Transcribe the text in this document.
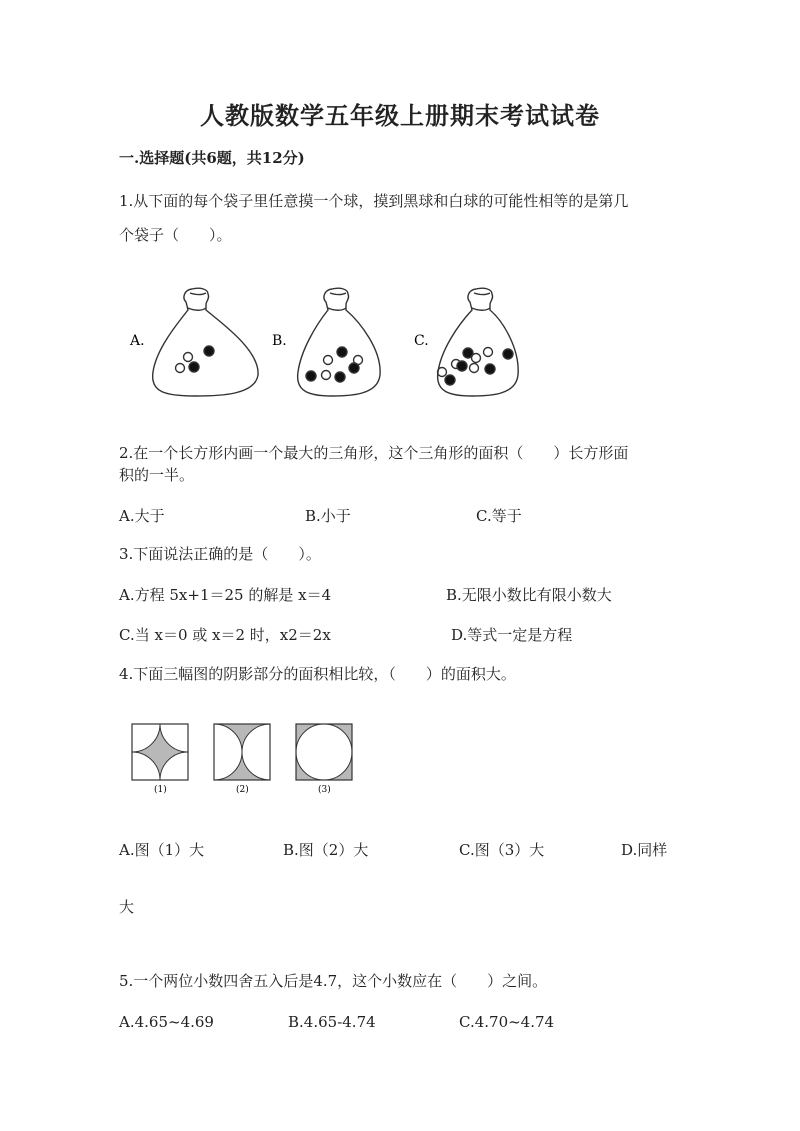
人教版数学五年级上册期末考试试卷
一.选择题(共6题，共12分)
1.从下面的每个袋子里任意摸一个球，摸到黑球和白球的可能性相等的是第几
个袋子（　　）。
A.	B.	C.
2.在一个长方形内画一个最大的三角形，这个三角形的面积（　　）长方形面
积的一半。
A.大于	B.小于	C.等于
3.下面说法正确的是（　　）。
A.方程 5x+1＝25 的解是 x＝4	B.无限小数比有限小数大
C.当 x＝0 或 x＝2 时，x2＝2x	D.等式一定是方程
4.下面三幅图的阴影部分的面积相比较，（　　）的面积大。
(1)	(2)	(3)
A.图（1）大	B.图（2）大	C.图（3）大	D.同样
大
5.一个两位小数四舍五入后是4.7，这个小数应在（　　）之间。
A.4.65~4.69	B.4.65-4.74	C.4.70~4.74
